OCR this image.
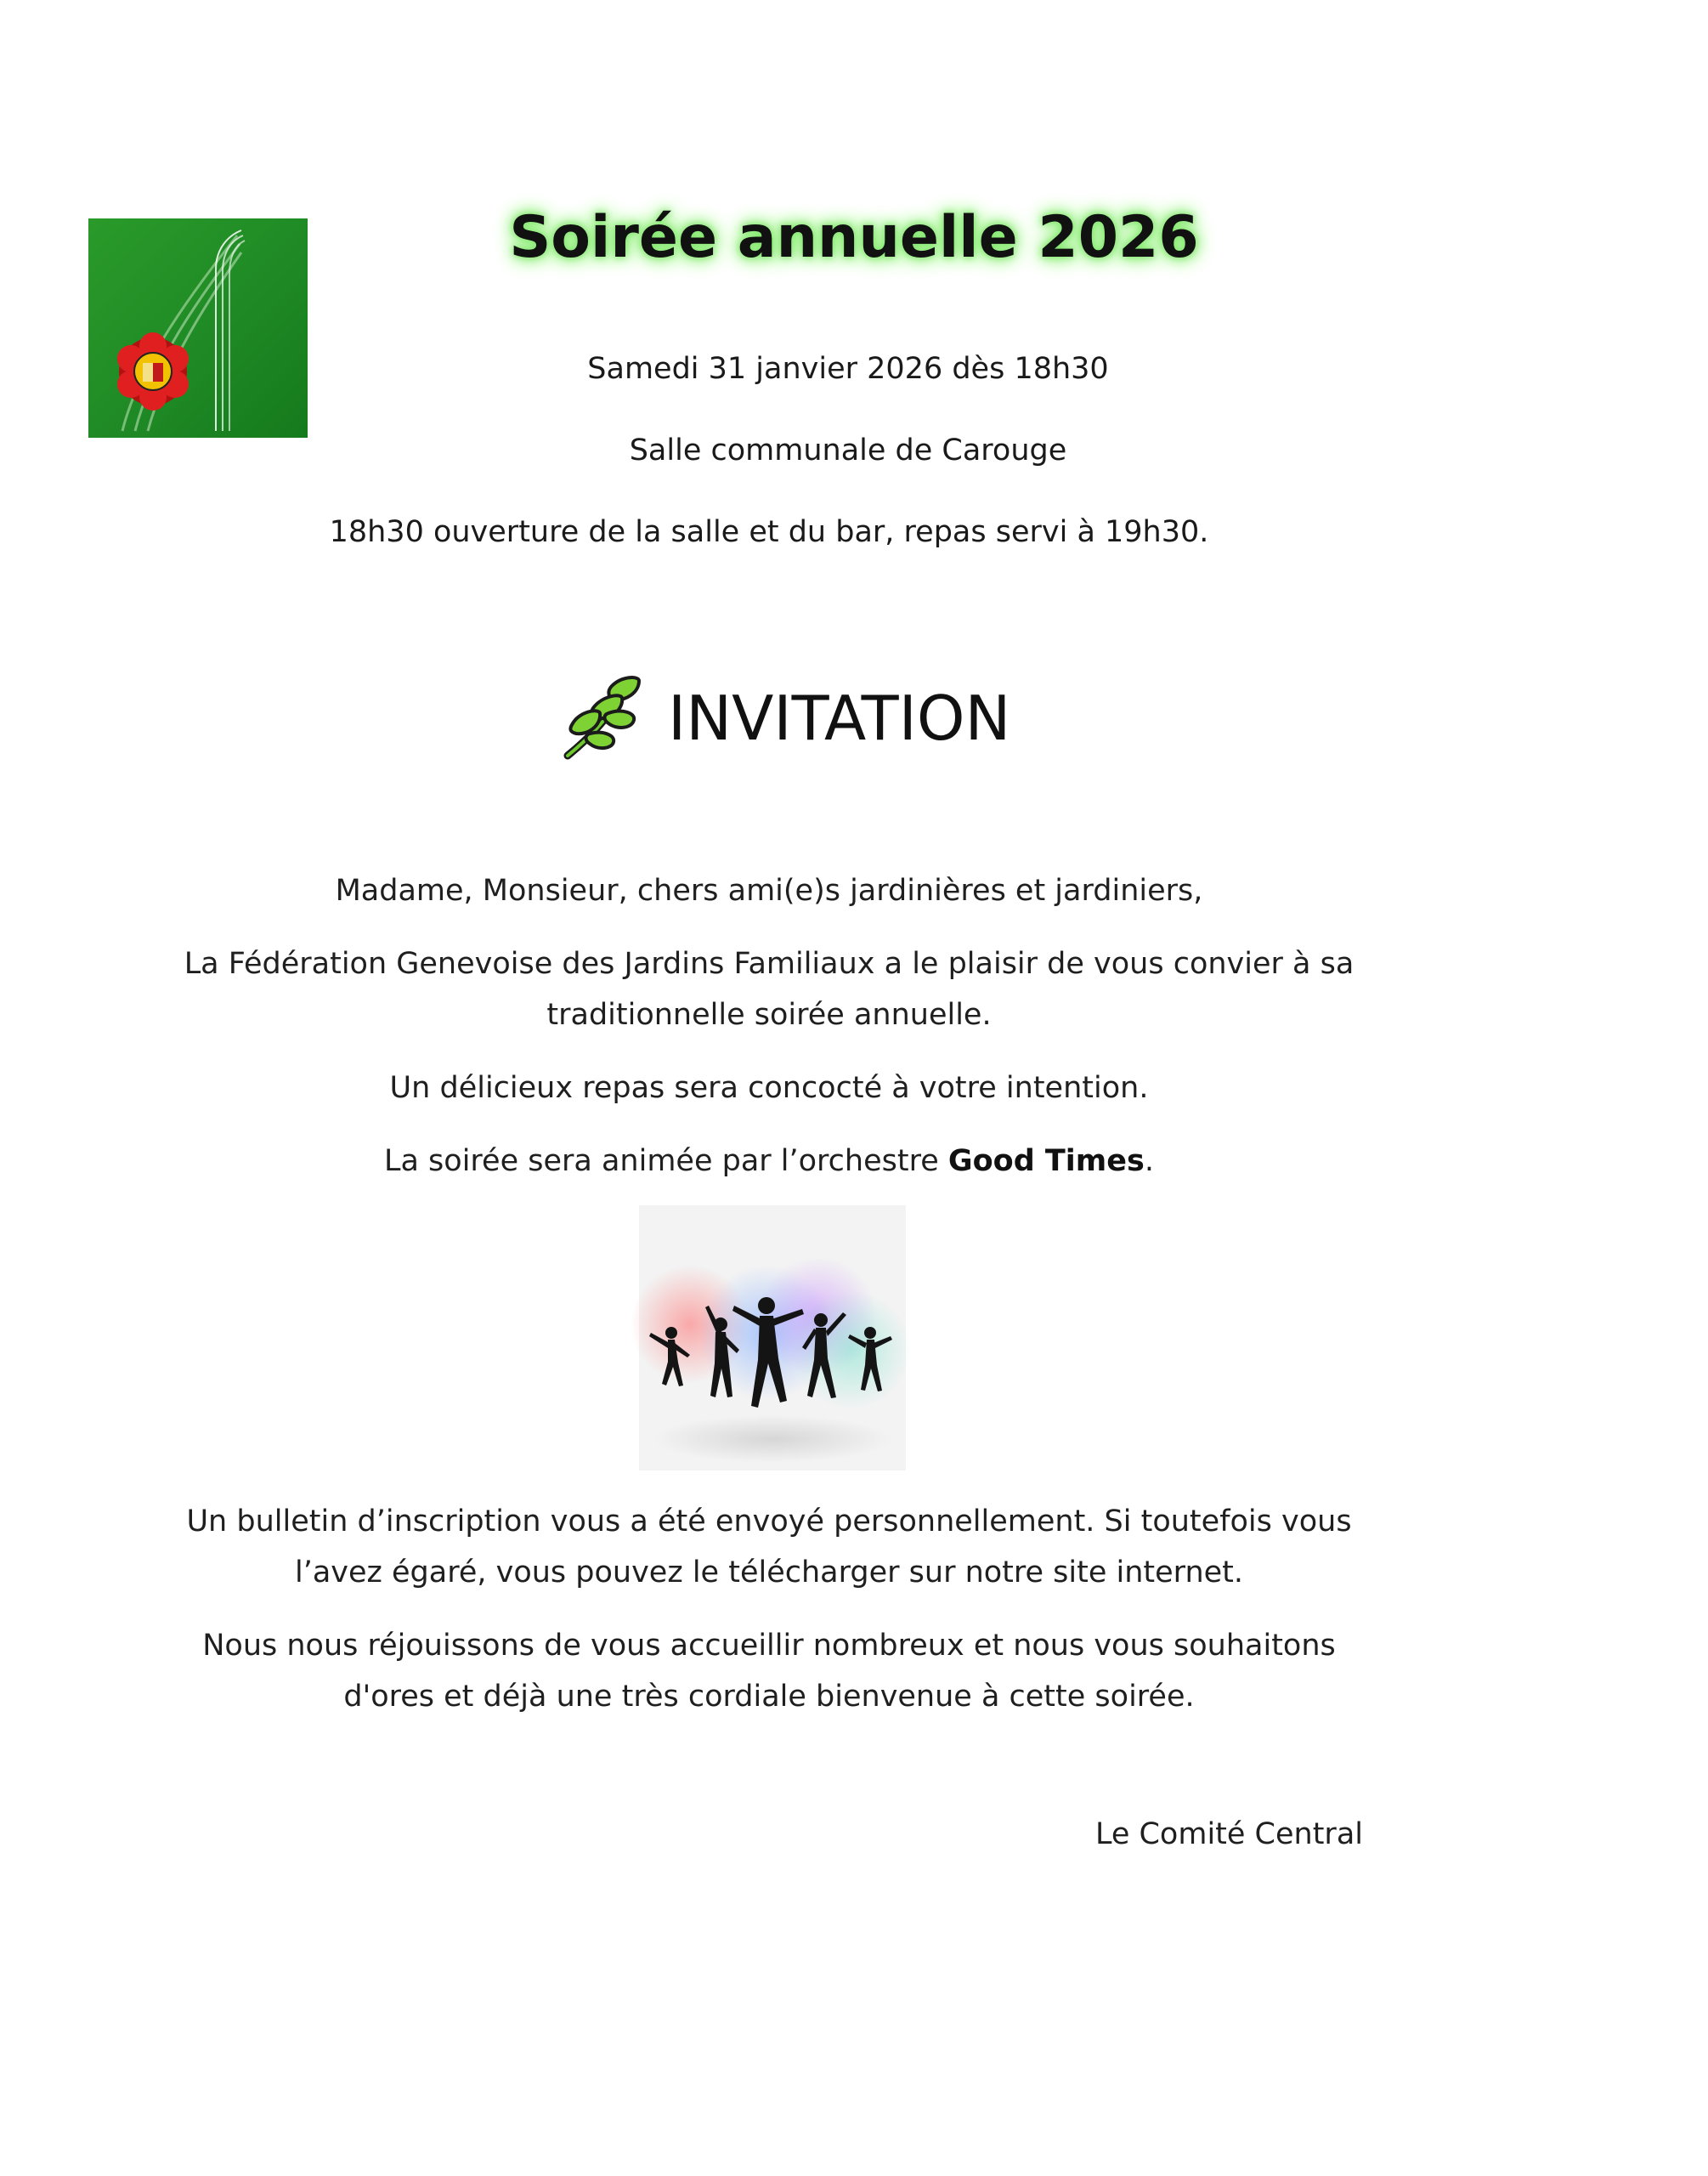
FGJF
Fédération Genevoise des Jardins Familiaux	Soirée annuelle 2026
Samedi 31 janvier 2026 dès 18h30
Salle communale de Carouge
18h30 ouverture de la salle et du bar, repas servi à 19h30.
INVITATION
Madame, Monsieur, chers ami(e)s jardinières et jardiniers,
La Fédération Genevoise des Jardins Familiaux a le plaisir de vous convier à sa
traditionnelle soirée annuelle.
Un délicieux repas sera concocté à votre intention.
La soirée sera animée par l’orchestre Good Times.
Un bulletin d’inscription vous a été envoyé personnellement. Si toutefois vous
l’avez égaré, vous pouvez le télécharger sur notre site internet.
Nous nous réjouissons de vous accueillir nombreux et nous vous souhaitons
d'ores et déjà une très cordiale bienvenue à cette soirée.
Le Comité Central
